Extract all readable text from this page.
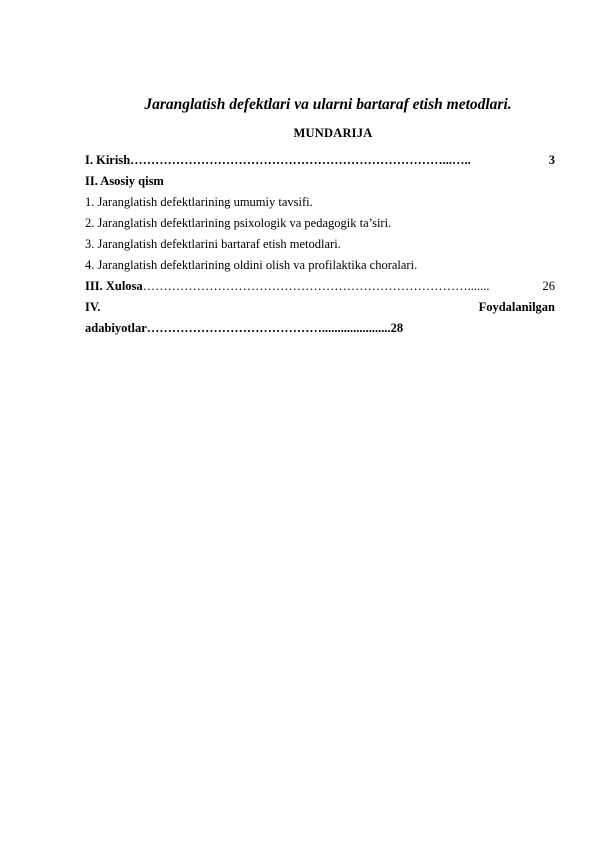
Jaranglatish defektlari va ularni bartaraf etish metodlari.
MUNDARIJA
I. Kirish …………………………………………………………………...…..	3
II. Asosiy qism
1. Jaranglatish defektlarining umumiy tavsifi.
2. Jaranglatish defektlarining psixologik va pedagogik ta’siri.
3. Jaranglatish defektlarini bartaraf etish metodlari.
4. Jaranglatish defektlarining oldini olish va profilaktika choralari.
III. Xulosa …………………………………………………………………….......	26
IV.	Foydalanilgan
adabiyotlar ……………………………………...................... 28
